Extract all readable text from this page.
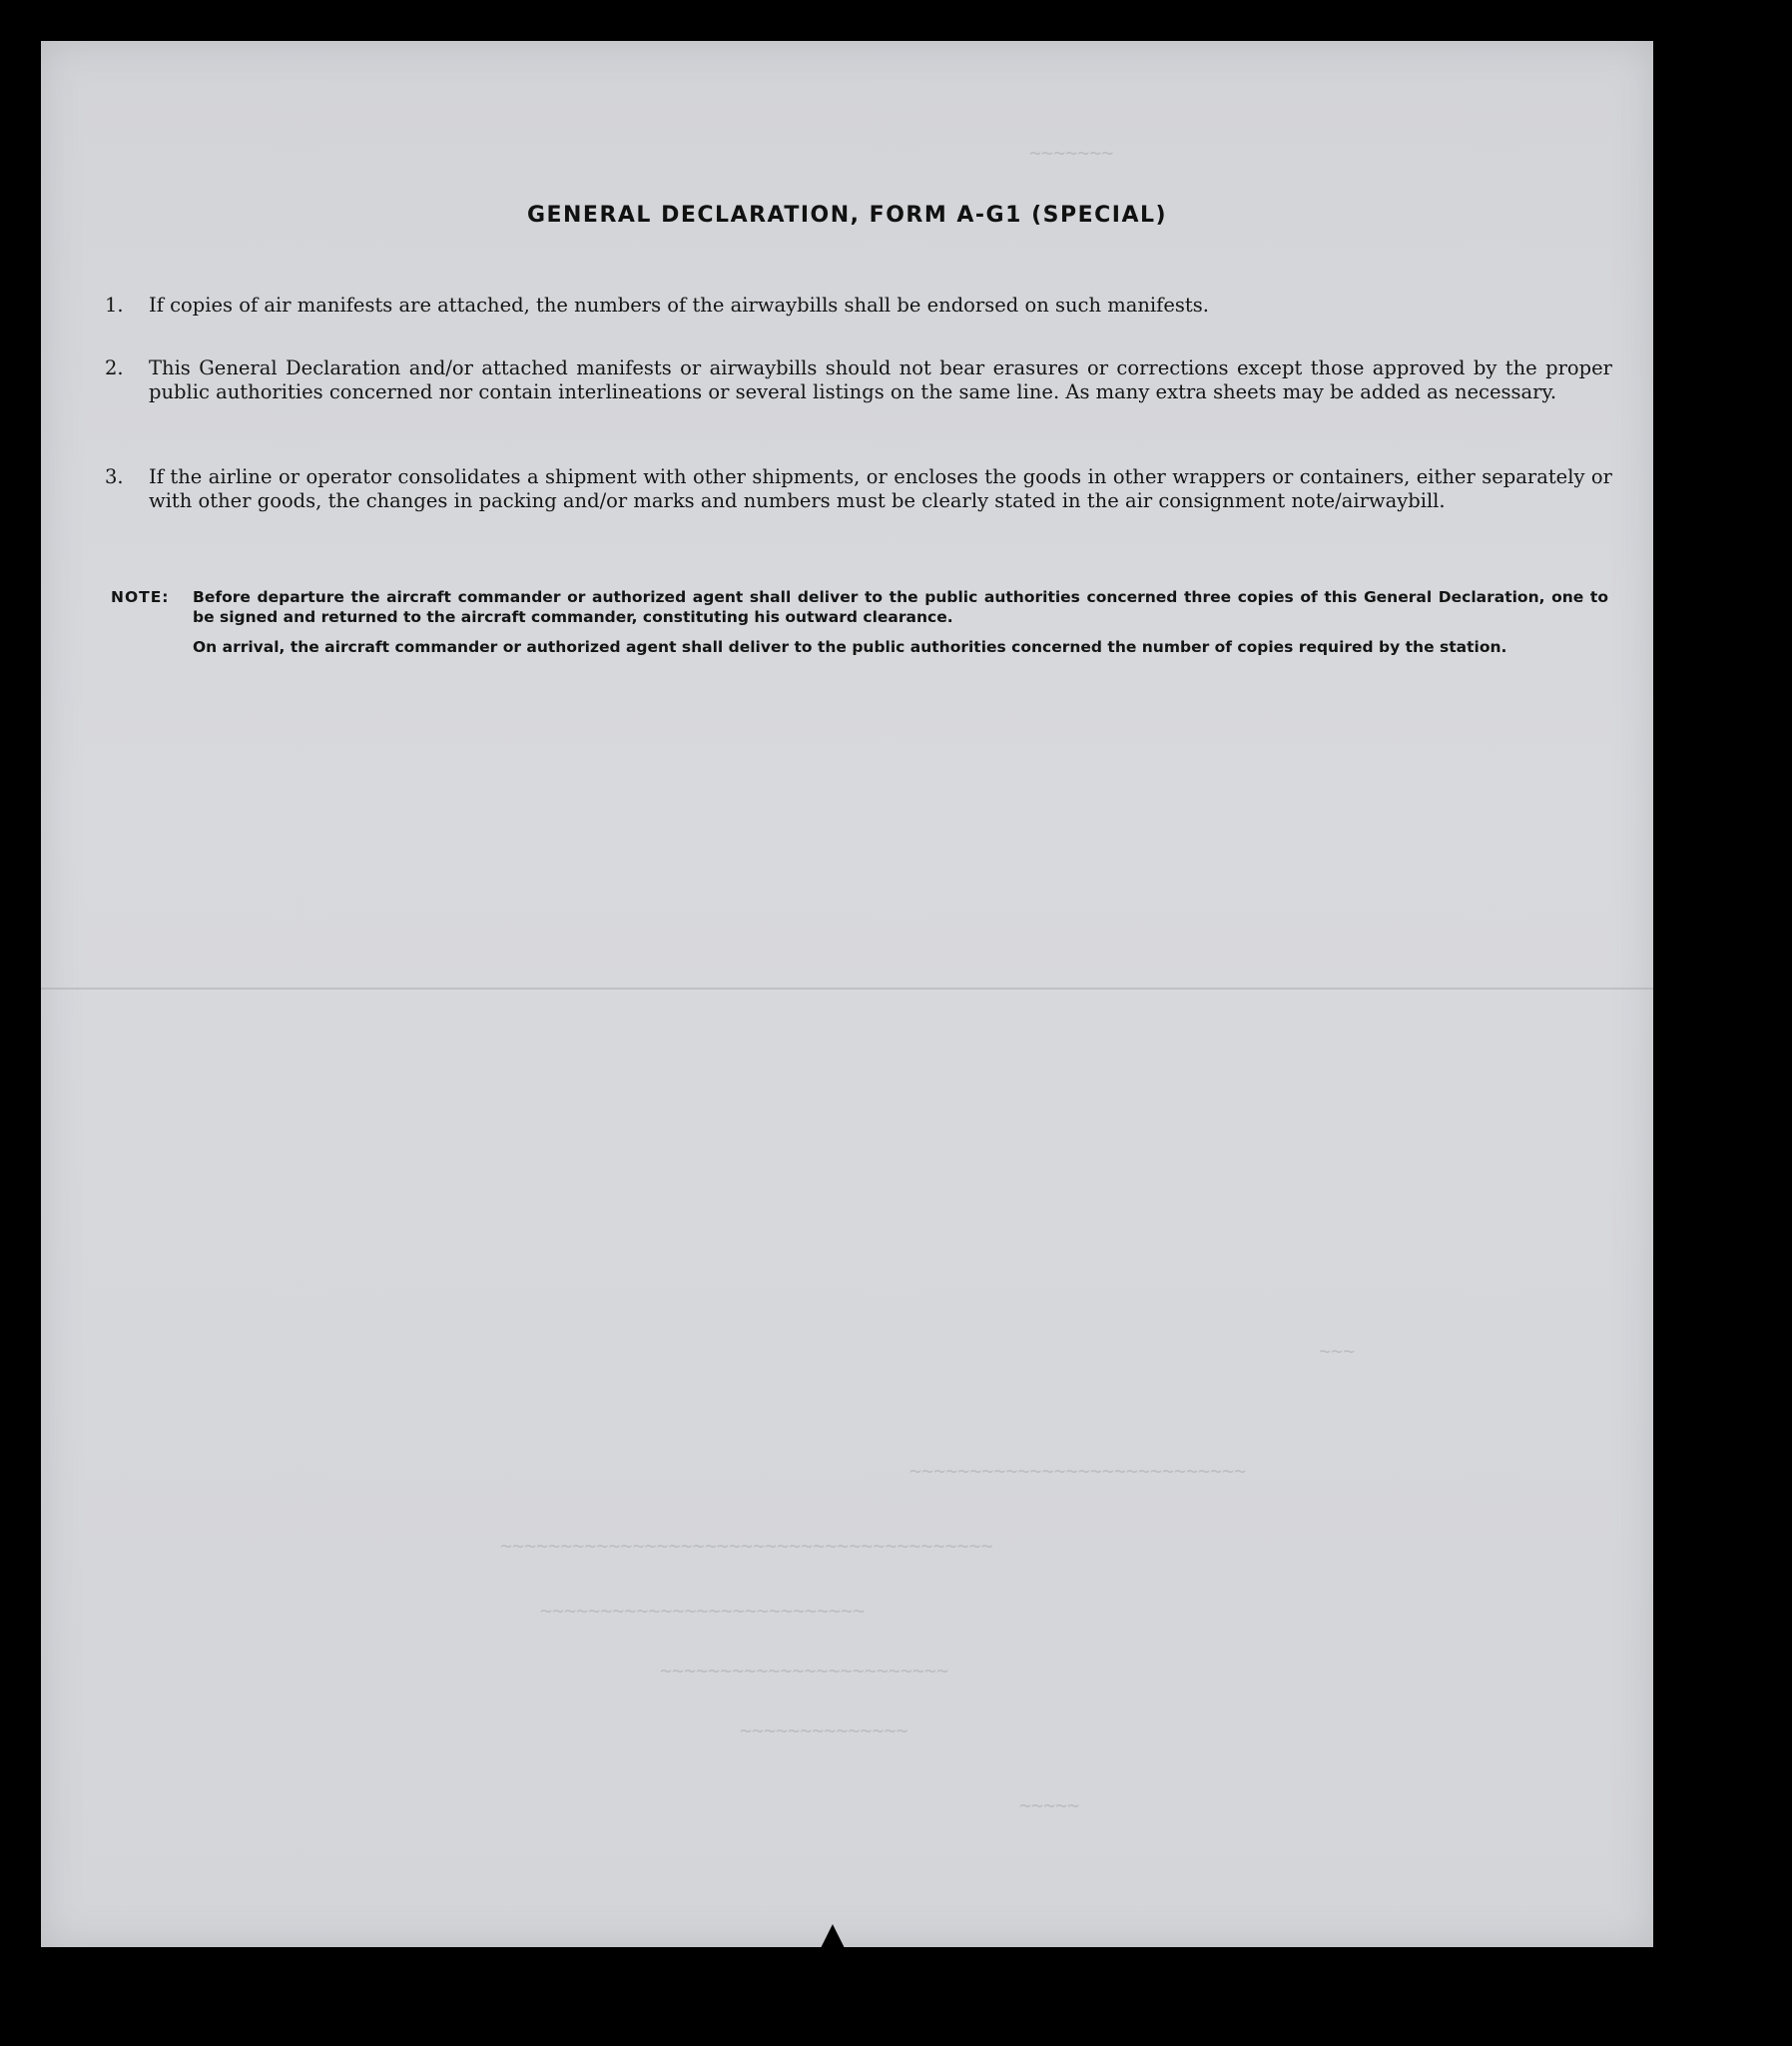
~~~~~~~
~~~
~~~~~~~~~~~~~~~~~~~~~~~~~~~~
~~~~~~~~~~~~~~~~~~~~~~~~~~~~~~~~~~~~~~~~~
~~~~~~~~~~~~~~~~~~~~~~~~~~~
~~~~~~~~~~~~~~~~~~~~~~~~
~~~~~~~~~~~~~~
~~~~~
GENERAL DECLARATION, FORM A-G1 (SPECIAL)
1.	If copies of air manifests are attached, the numbers of the airwaybills shall be endorsed on such manifests.
2.	This General Declaration and/or attached manifests or airwaybills should not bear erasures or corrections except those approved by the proper public authorities concerned nor contain interlineations or several listings on the same line. As many extra sheets may be added as necessary.
3.	If the airline or operator consolidates a shipment with other shipments, or encloses the goods in other wrappers or containers, either separately or with other goods, the changes in packing and/or marks and numbers must be clearly stated in the air consignment note/airwaybill.
NOTE:	Before departure the aircraft commander or authorized agent shall deliver to the public authorities concerned three copies of this General Declaration, one to be signed and returned to the aircraft commander, constituting his outward clearance.
On arrival, the aircraft commander or authorized agent shall deliver to the public authorities concerned the number of copies required by the station.
